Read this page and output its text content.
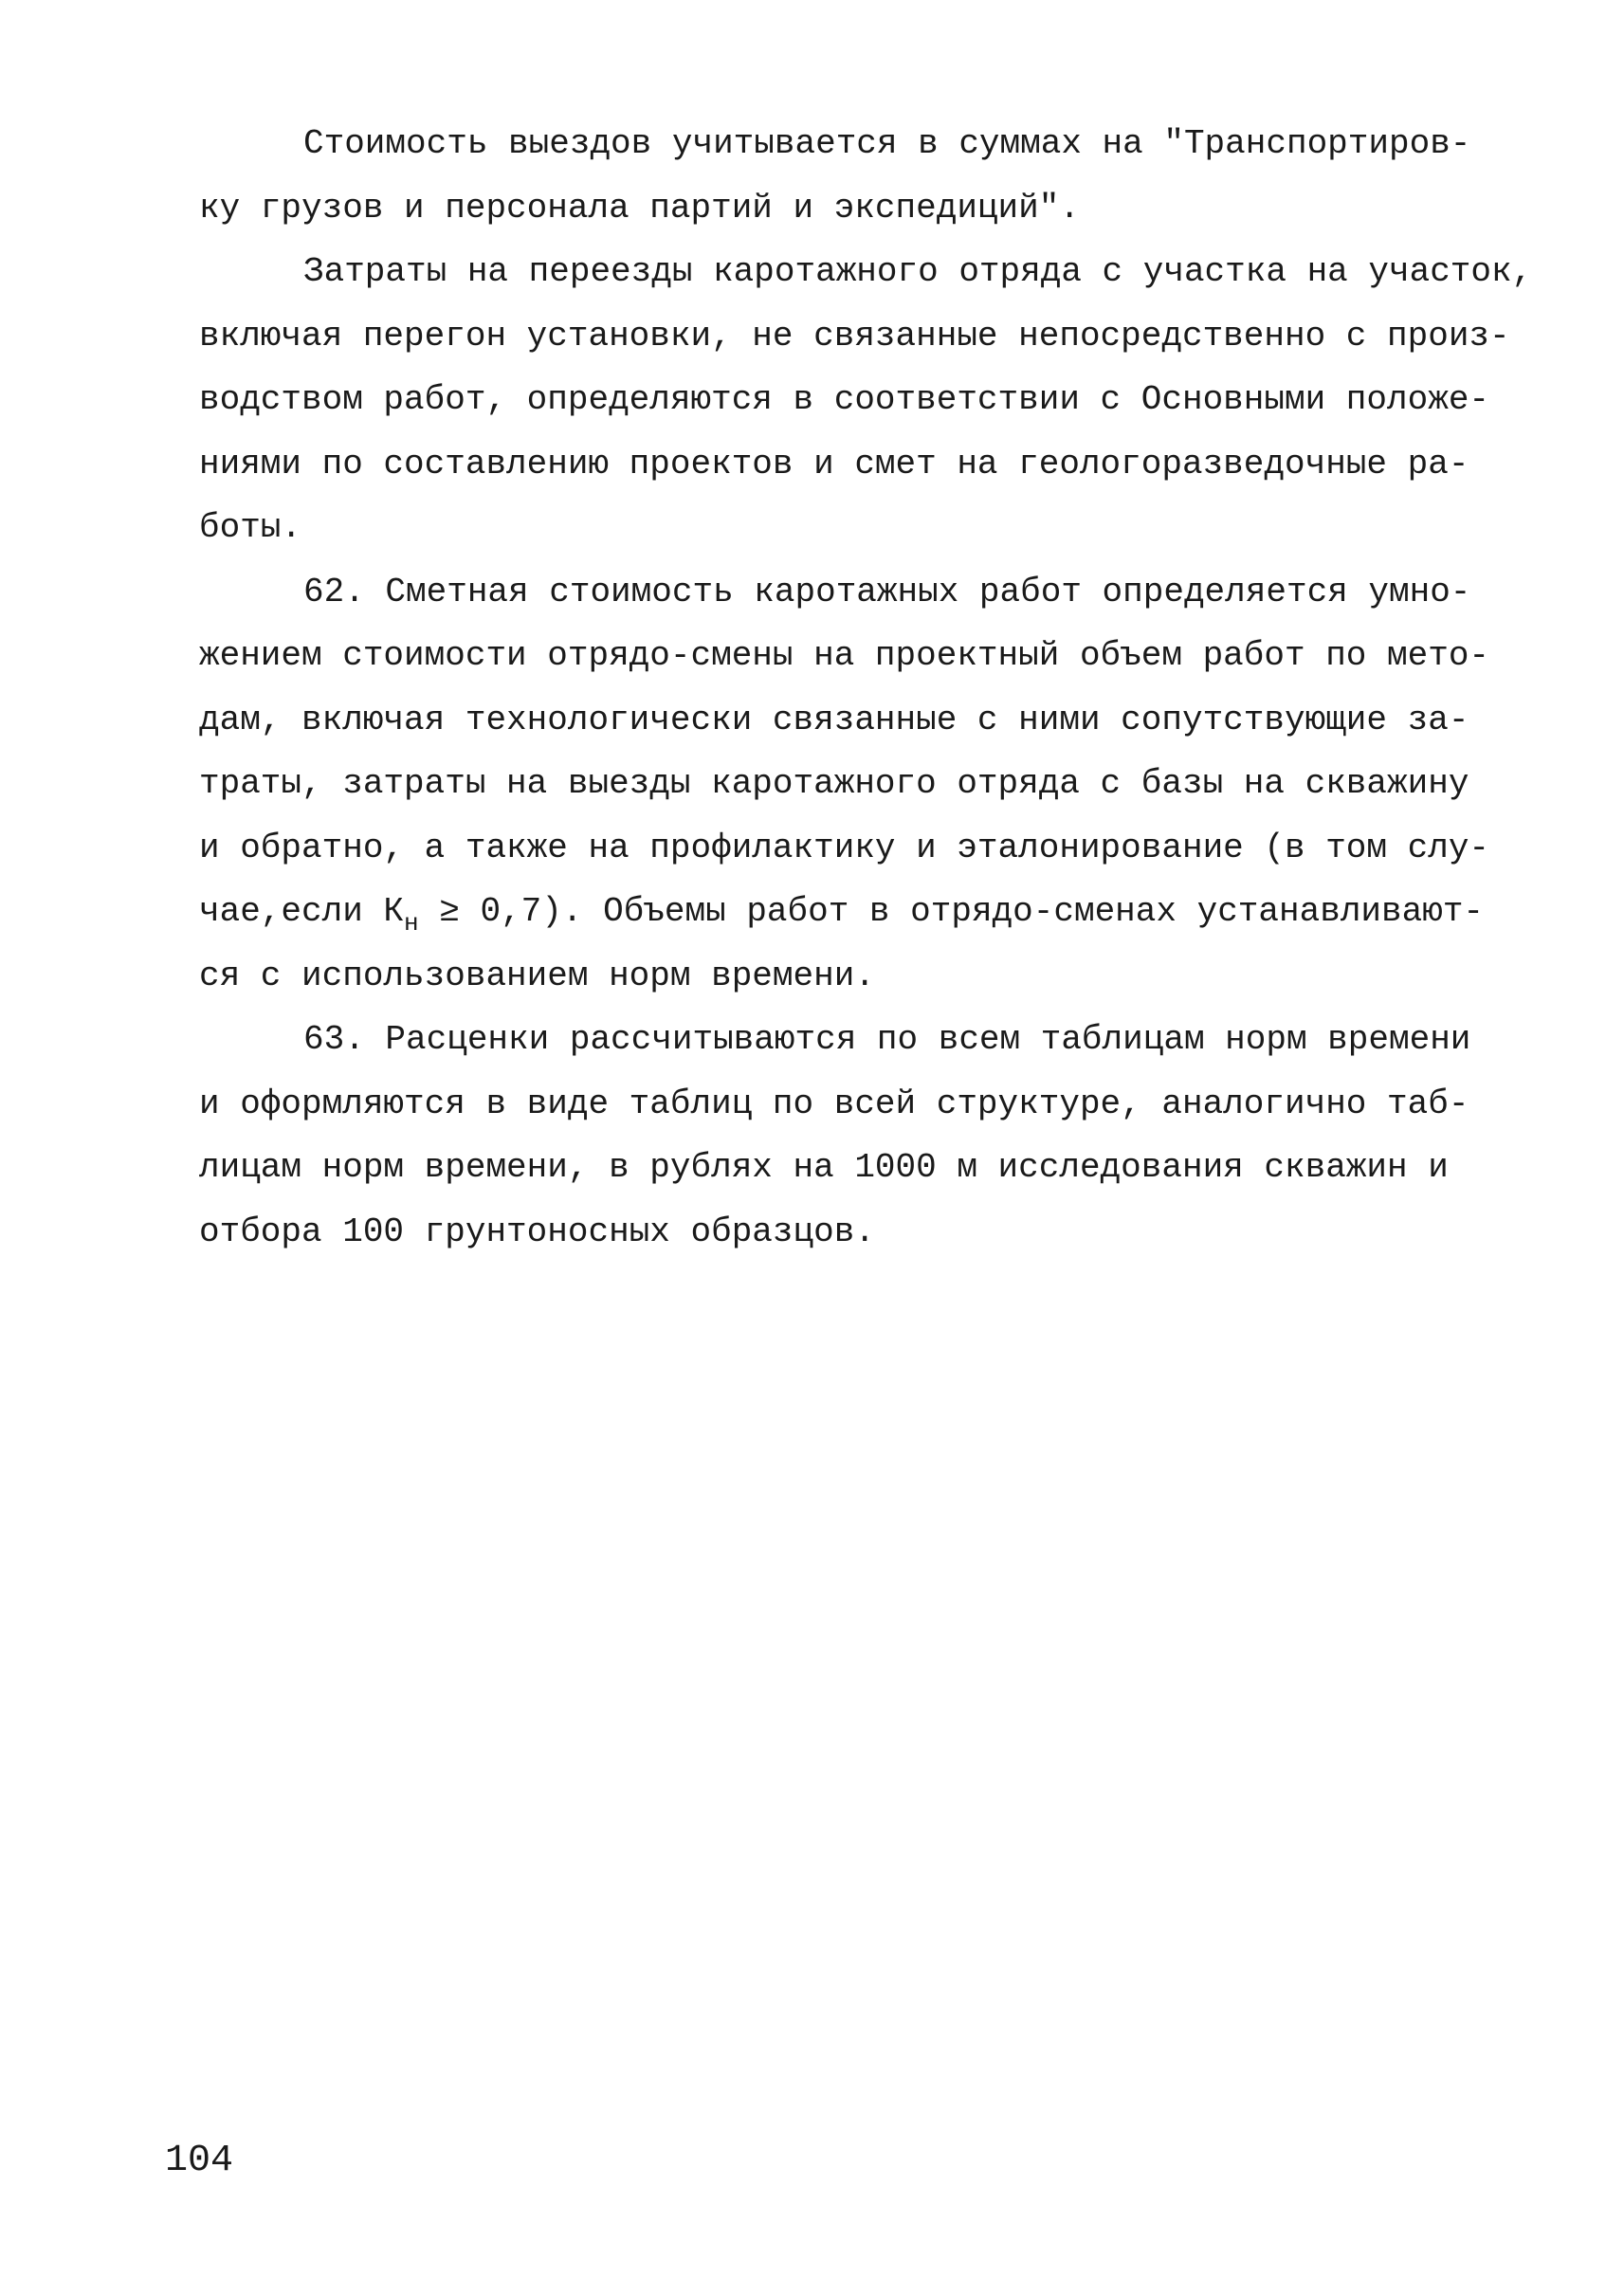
Стоимость выездов учитывается в суммах на "Транспортиров-
ку грузов и персонала партий и экспедиций".
Затраты на переезды каротажного отряда с участка на участок,
включая перегон установки, не связанные непосредственно с произ-
водством работ, определяются в соответствии с Основными положе-
ниями по составлению проектов и смет на геологоразведочные ра-
боты.
62. Сметная стоимость каротажных работ определяется умно-
жением стоимости отрядо-смены на проектный объем работ по мето-
дам, включая технологически связанные с ними сопутствующие за-
траты, затраты на выезды каротажного отряда с базы на скважину
и обратно, а также на профилактику и эталонирование (в том слу-
чае,если $К_н \ge 0,7$). Объемы работ в отрядо-сменах устанавливают-
ся с использованием норм времени.
63. Расценки рассчитываются по всем таблицам норм времени
и оформляются в виде таблиц по всей структуре, аналогично таб-
лицам норм времени, в рублях на 1000 м исследования скважин и
отбора 100 грунтоносных образцов.
104
